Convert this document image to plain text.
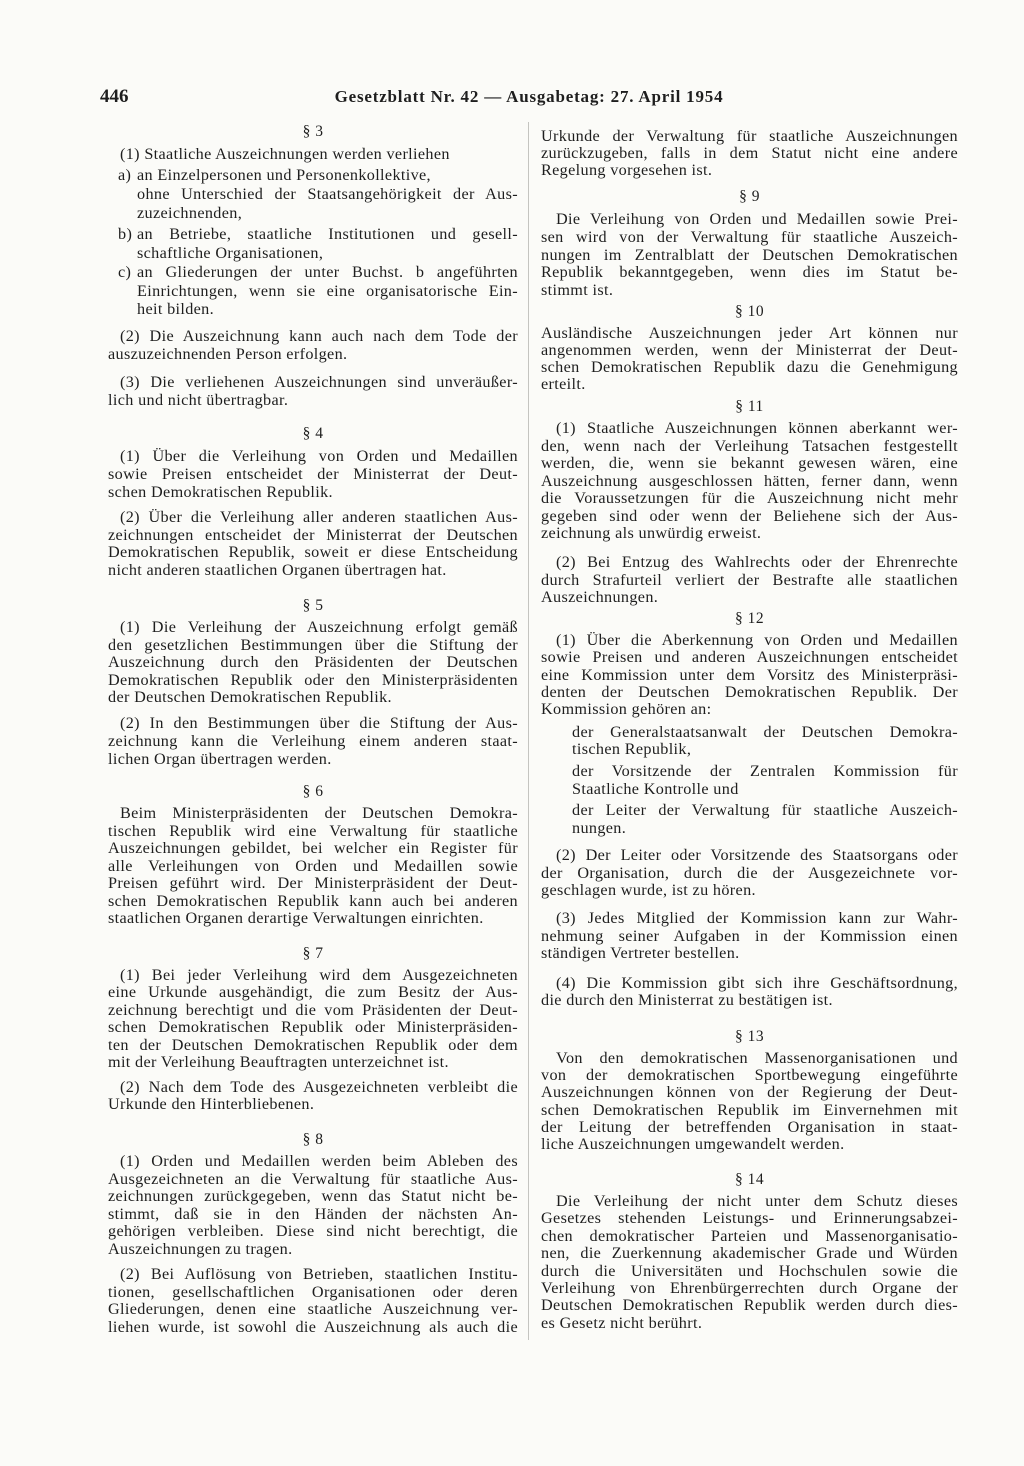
446	Gesetzblatt Nr. 42 — Ausgabetag: 27. April 1954
§ 3
(1) Staatliche Auszeichnungen werden verliehen
a) an Einzelpersonen und Personenkollektive,
ohne Unterschied der Staatsangehörigkeit der Aus-
zuzeichnenden,
b) an Betriebe, staatliche Institutionen und gesell-
schaftliche Organisationen,
c) an Gliederungen der unter Buchst. b angeführten
Einrichtungen, wenn sie eine organisatorische Ein-
heit bilden.
(2) Die Auszeichnung kann auch nach dem Tode der
auszuzeichnenden Person erfolgen.
(3) Die verliehenen Auszeichnungen sind unveräußer-
lich und nicht übertragbar.
§ 4
(1) Über die Verleihung von Orden und Medaillen
sowie Preisen entscheidet der Ministerrat der Deut-
schen Demokratischen Republik.
(2) Über die Verleihung aller anderen staatlichen Aus-
zeichnungen entscheidet der Ministerrat der Deutschen
Demokratischen Republik, soweit er diese Entscheidung
nicht anderen staatlichen Organen übertragen hat.
§ 5
(1) Die Verleihung der Auszeichnung erfolgt gemäß
den gesetzlichen Bestimmungen über die Stiftung der
Auszeichnung durch den Präsidenten der Deutschen
Demokratischen Republik oder den Ministerpräsidenten
der Deutschen Demokratischen Republik.
(2) In den Bestimmungen über die Stiftung der Aus-
zeichnung kann die Verleihung einem anderen staat-
lichen Organ übertragen werden.
§ 6
Beim Ministerpräsidenten der Deutschen Demokra-
tischen Republik wird eine Verwaltung für staatliche
Auszeichnungen gebildet, bei welcher ein Register für
alle Verleihungen von Orden und Medaillen sowie
Preisen geführt wird. Der Ministerpräsident der Deut-
schen Demokratischen Republik kann auch bei anderen
staatlichen Organen derartige Verwaltungen einrichten.
§ 7
(1) Bei jeder Verleihung wird dem Ausgezeichneten
eine Urkunde ausgehändigt, die zum Besitz der Aus-
zeichnung berechtigt und die vom Präsidenten der Deut-
schen Demokratischen Republik oder Ministerpräsiden-
ten der Deutschen Demokratischen Republik oder dem
mit der Verleihung Beauftragten unterzeichnet ist.
(2) Nach dem Tode des Ausgezeichneten verbleibt die
Urkunde den Hinterbliebenen.
§ 8
(1) Orden und Medaillen werden beim Ableben des
Ausgezeichneten an die Verwaltung für staatliche Aus-
zeichnungen zurückgegeben, wenn das Statut nicht be-
stimmt, daß sie in den Händen der nächsten An-
gehörigen verbleiben. Diese sind nicht berechtigt, die
Auszeichnungen zu tragen.
(2) Bei Auflösung von Betrieben, staatlichen Institu-
tionen, gesellschaftlichen Organisationen oder deren
Gliederungen, denen eine staatliche Auszeichnung ver-
liehen wurde, ist sowohl die Auszeichnung als auch die
Urkunde der Verwaltung für staatliche Auszeichnungen
zurückzugeben, falls in dem Statut nicht eine andere
Regelung vorgesehen ist.
§ 9
Die Verleihung von Orden und Medaillen sowie Prei-
sen wird von der Verwaltung für staatliche Auszeich-
nungen im Zentralblatt der Deutschen Demokratischen
Republik bekanntgegeben, wenn dies im Statut be-
stimmt ist.
§ 10
Ausländische Auszeichnungen jeder Art können nur
angenommen werden, wenn der Ministerrat der Deut-
schen Demokratischen Republik dazu die Genehmigung
erteilt.
§ 11
(1) Staatliche Auszeichnungen können aberkannt wer-
den, wenn nach der Verleihung Tatsachen festgestellt
werden, die, wenn sie bekannt gewesen wären, eine
Auszeichnung ausgeschlossen hätten, ferner dann, wenn
die Voraussetzungen für die Auszeichnung nicht mehr
gegeben sind oder wenn der Beliehene sich der Aus-
zeichnung als unwürdig erweist.
(2) Bei Entzug des Wahlrechts oder der Ehrenrechte
durch Strafurteil verliert der Bestrafte alle staatlichen
Auszeichnungen.
§ 12
(1) Über die Aberkennung von Orden und Medaillen
sowie Preisen und anderen Auszeichnungen entscheidet
eine Kommission unter dem Vorsitz des Ministerpräsi-
denten der Deutschen Demokratischen Republik. Der
Kommission gehören an:
der Generalstaatsanwalt der Deutschen Demokra-
tischen Republik,
der Vorsitzende der Zentralen Kommission für
Staatliche Kontrolle und
der Leiter der Verwaltung für staatliche Auszeich-
nungen.
(2) Der Leiter oder Vorsitzende des Staatsorgans oder
der Organisation, durch die der Ausgezeichnete vor-
geschlagen wurde, ist zu hören.
(3) Jedes Mitglied der Kommission kann zur Wahr-
nehmung seiner Aufgaben in der Kommission einen
ständigen Vertreter bestellen.
(4) Die Kommission gibt sich ihre Geschäftsordnung,
die durch den Ministerrat zu bestätigen ist.
§ 13
Von den demokratischen Massenorganisationen und
von der demokratischen Sportbewegung eingeführte
Auszeichnungen können von der Regierung der Deut-
schen Demokratischen Republik im Einvernehmen mit
der Leitung der betreffenden Organisation in staat-
liche Auszeichnungen umgewandelt werden.
§ 14
Die Verleihung der nicht unter dem Schutz dieses
Gesetzes stehenden Leistungs- und Erinnerungsabzei-
chen demokratischer Parteien und Massenorganisatio-
nen, die Zuerkennung akademischer Grade und Würden
durch die Universitäten und Hochschulen sowie die
Verleihung von Ehrenbürgerrechten durch Organe der
Deutschen Demokratischen Republik werden durch dies-
es Gesetz nicht berührt.
